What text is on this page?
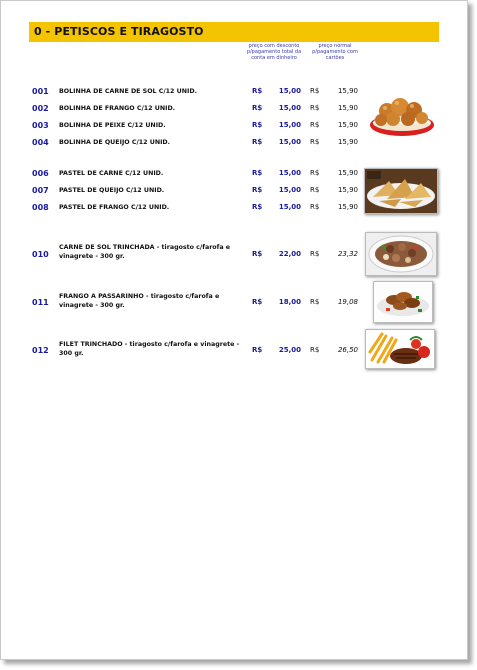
0 - PETISCOS E TIRAGOSTO
preço com desconto p/pagamento total da conta em dinheiro
preço normal p/pagamento com cartões
001 BOLINHA DE CARNE DE SOL C/12 UNID.	R$	15,00 R$	15,90
002 BOLINHA DE FRANGO C/12 UNID.	R$	15,00 R$	15,90
003 BOLINHA DE PEIXE C/12 UNID.	R$	15,00 R$	15,90
004 BOLINHA DE QUEIJO C/12 UNID.	R$	15,00 R$	15,90
006 PASTEL DE CARNE C/12 UNID.	R$	15,00 R$	15,90
007 PASTEL DE QUEIJO C/12 UNID.	R$	15,00 R$	15,90
008 PASTEL DE FRANGO C/12 UNID.	R$	15,00 R$	15,90
010
CARNE DE SOL TRINCHADA - tiragosto c/farofa e vinagrete - 300 gr.	R$	22,00 R$	23,32
011
FRANGO A PASSARINHO - tiragosto c/farofa e vinagrete - 300 gr.	R$	18,00 R$	19,08
012
FILET TRINCHADO - tiragosto c/farofa e vinagrete - 300 gr.	R$	25,00 R$	26,50
